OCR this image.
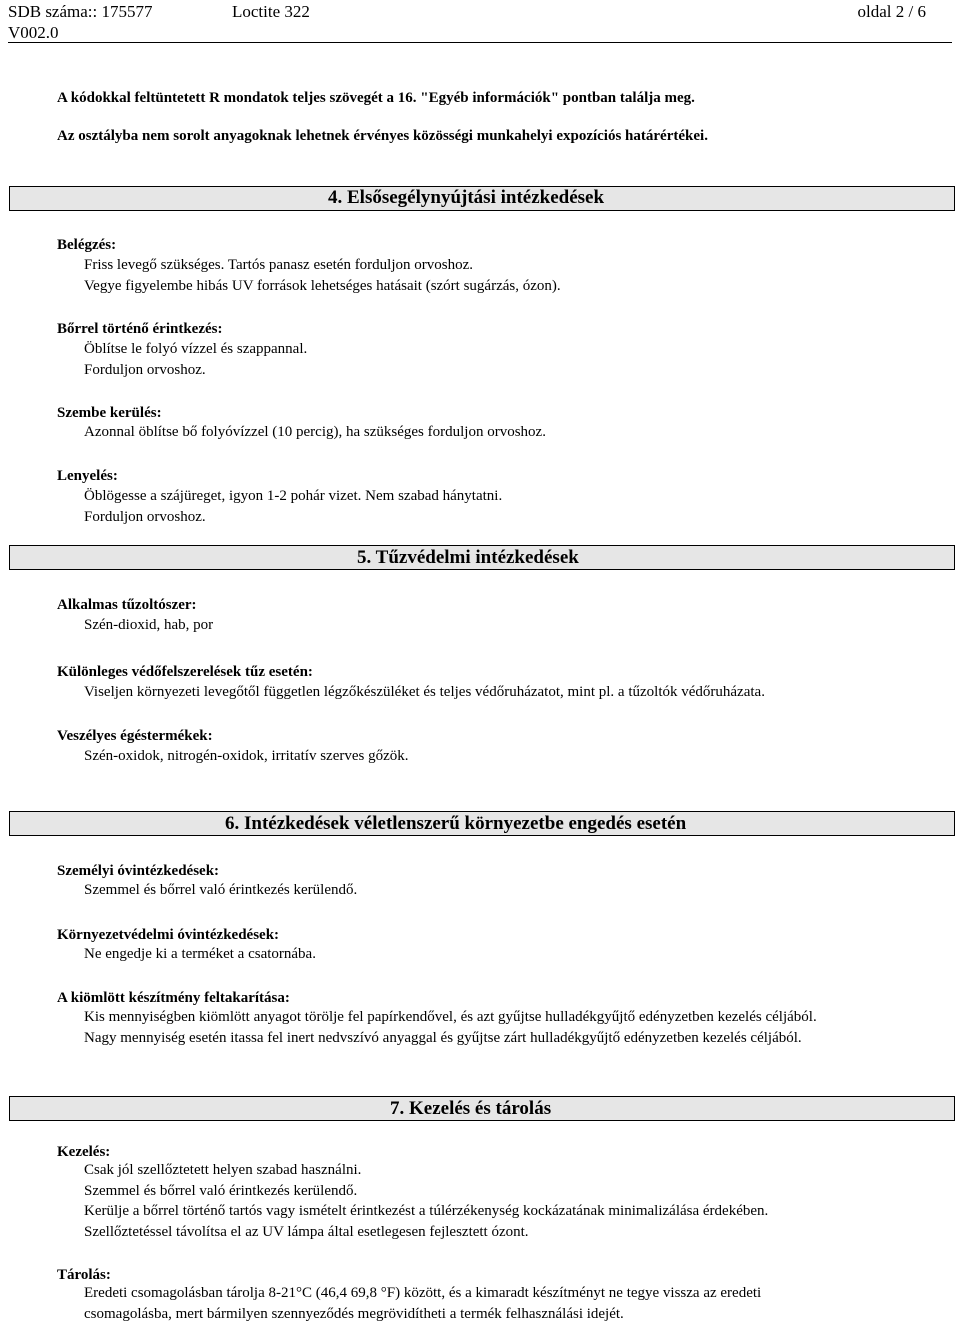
SDB száma:: 175577	Loctite 322	oldal 2 / 6
V002.0
A kódokkal feltüntetett R mondatok teljes szövegét a 16. "Egyéb információk" pontban találja meg.
Az osztályba nem sorolt anyagoknak lehetnek érvényes közösségi munkahelyi expozíciós határértékei.
4. Elsősegélynyújtási intézkedések
Belégzés:
Friss levegő szükséges. Tartós panasz esetén forduljon orvoshoz.
Vegye figyelembe hibás UV források lehetséges hatásait (szórt sugárzás, ózon).
Bőrrel történő érintkezés:
Öblítse le folyó vízzel és szappannal.
Forduljon orvoshoz.
Szembe kerülés:
Azonnal öblítse bő folyóvízzel (10 percig), ha szükséges forduljon orvoshoz.
Lenyelés:
Öblögesse a szájüreget, igyon 1-2 pohár vizet. Nem szabad hánytatni.
Forduljon orvoshoz.
5. Tűzvédelmi intézkedések
Alkalmas tűzoltószer:
Szén-dioxid, hab, por
Különleges védőfelszerelések tűz esetén:
Viseljen környezeti levegőtől független légzőkészüléket és teljes védőruházatot, mint pl. a tűzoltók védőruházata.
Veszélyes égéstermékek:
Szén-oxidok, nitrogén-oxidok, irritatív szerves gőzök.
6. Intézkedések véletlenszerű környezetbe engedés esetén
Személyi óvintézkedések:
Szemmel és bőrrel való érintkezés kerülendő.
Környezetvédelmi óvintézkedések:
Ne engedje ki a terméket a csatornába.
A kiömlött készítmény feltakarítása:
Kis mennyiségben kiömlött anyagot törölje fel papírkendővel, és azt gyűjtse hulladékgyűjtő edényzetben kezelés céljából.
Nagy mennyiség esetén itassa fel inert nedvszívó anyaggal és gyűjtse zárt hulladékgyűjtő edényzetben kezelés céljából.
7. Kezelés és tárolás
Kezelés:
Csak jól szellőztetett helyen szabad használni.
Szemmel és bőrrel való érintkezés kerülendő.
Kerülje a bőrrel történő tartós vagy ismételt érintkezést a túlérzékenység kockázatának minimalizálása érdekében.
Szellőztetéssel távolítsa el az UV lámpa által esetlegesen fejlesztett ózont.
Tárolás:
Eredeti csomagolásban tárolja 8-21°C (46,4 69,8 °F) között, és a kimaradt készítményt ne tegye vissza az eredeti
csomagolásba, mert bármilyen szennyeződés megrövidítheti a termék felhasználási idejét.
